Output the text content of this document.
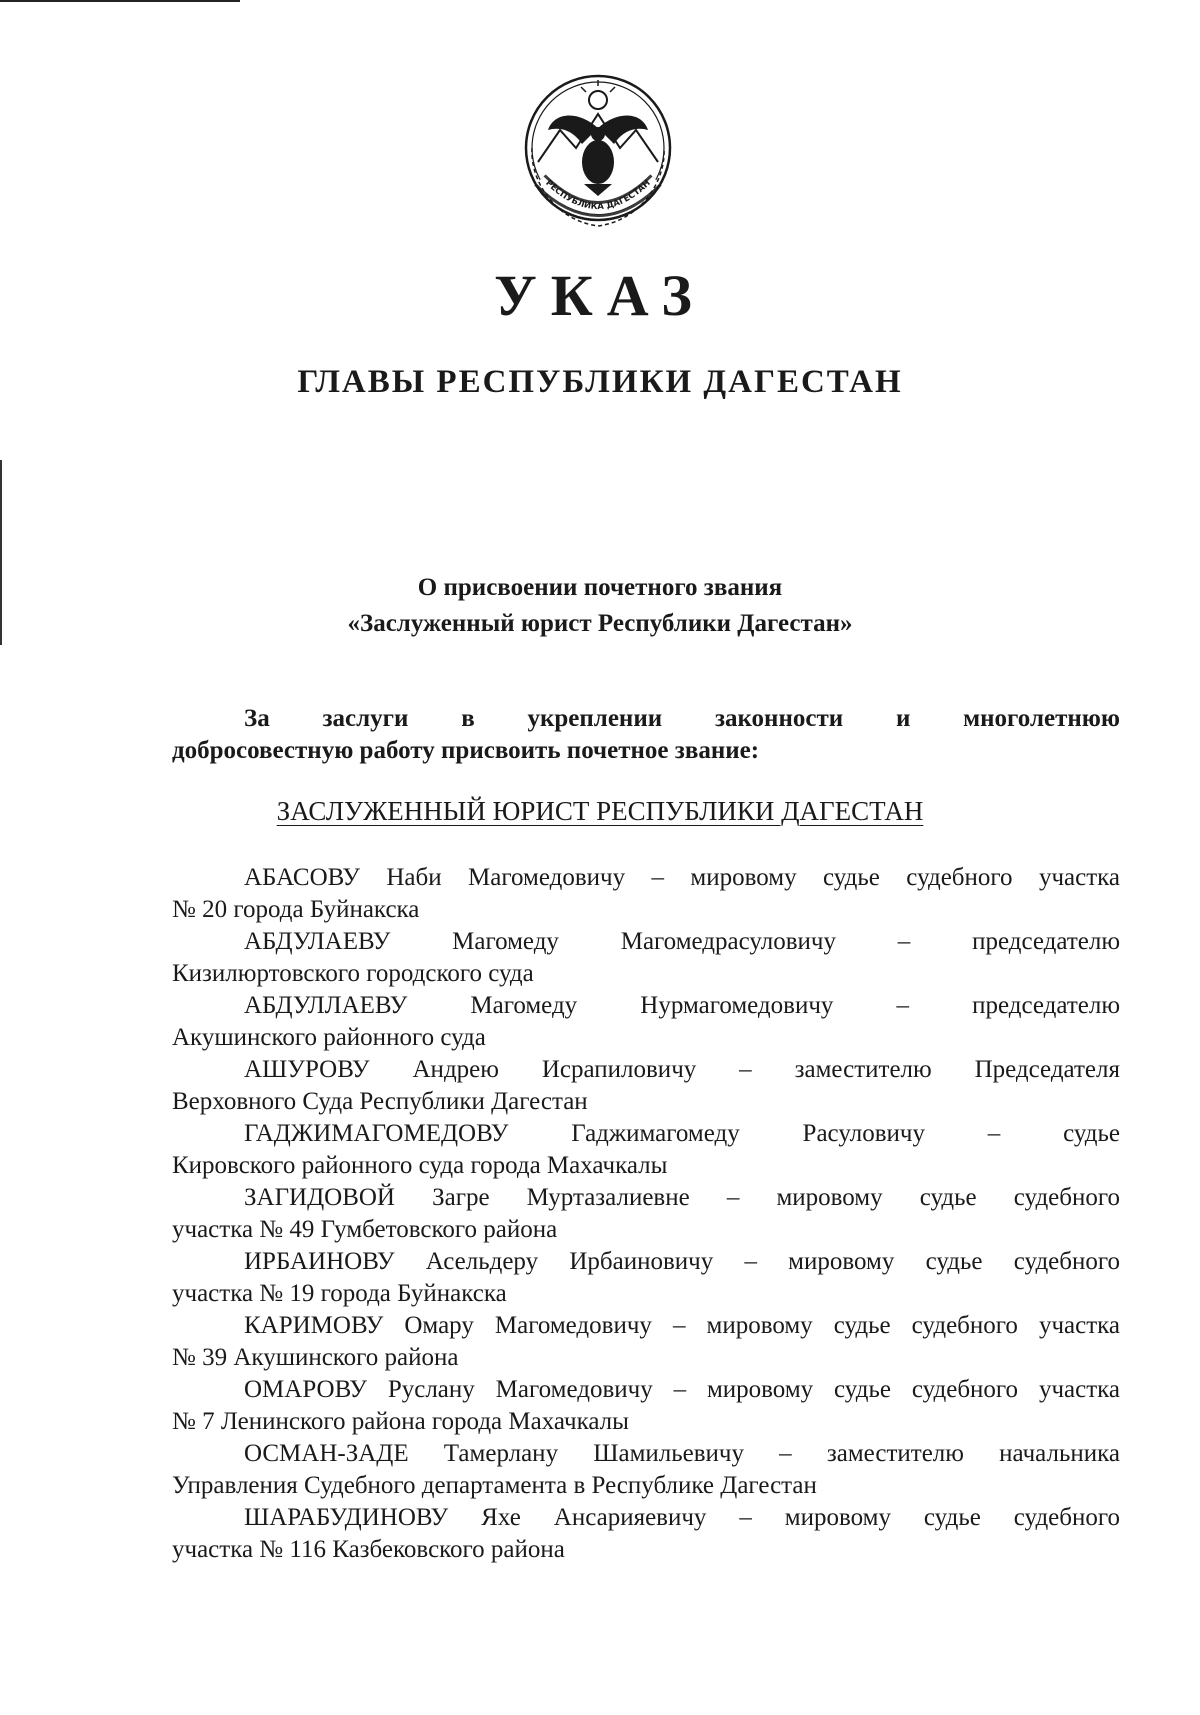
РЕСПУБЛИКА ДАГЕСТАН
УКАЗ
ГЛАВЫ РЕСПУБЛИКИ ДАГЕСТАН
О присвоении почетного звания
«Заслуженный юрист Республики Дагестан»
За заслуги в укреплении законности и многолетнюю
добросовестную работу присвоить почетное звание:
ЗАСЛУЖЕННЫЙ ЮРИСТ РЕСПУБЛИКИ ДАГЕСТАН
АБАСОВУ Наби Магомедовичу – мировому судье судебного участка
№ 20 города Буйнакска
АБДУЛАЕВУ Магомеду Магомедрасуловичу – председателю
Кизилюртовского городского суда
АБДУЛЛАЕВУ Магомеду Нурмагомедовичу – председателю
Акушинского районного суда
АШУРОВУ Андрею Исрапиловичу – заместителю Председателя
Верховного Суда Республики Дагестан
ГАДЖИМАГОМЕДОВУ Гаджимагомеду Расуловичу – судье
Кировского районного суда города Махачкалы
ЗАГИДОВОЙ Загре Муртазалиевне – мировому судье судебного
участка № 49 Гумбетовского района
ИРБАИНОВУ Асельдеру Ирбаиновичу – мировому судье судебного
участка № 19 города Буйнакска
КАРИМОВУ Омару Магомедовичу – мировому судье судебного участка
№ 39 Акушинского района
ОМАРОВУ Руслану Магомедовичу – мировому судье судебного участка
№ 7 Ленинского района города Махачкалы
ОСМАН-ЗАДЕ Тамерлану Шамильевичу – заместителю начальника
Управления Судебного департамента в Республике Дагестан
ШАРАБУДИНОВУ Яхе Ансарияевичу – мировому судье судебного
участка № 116 Казбековского района
